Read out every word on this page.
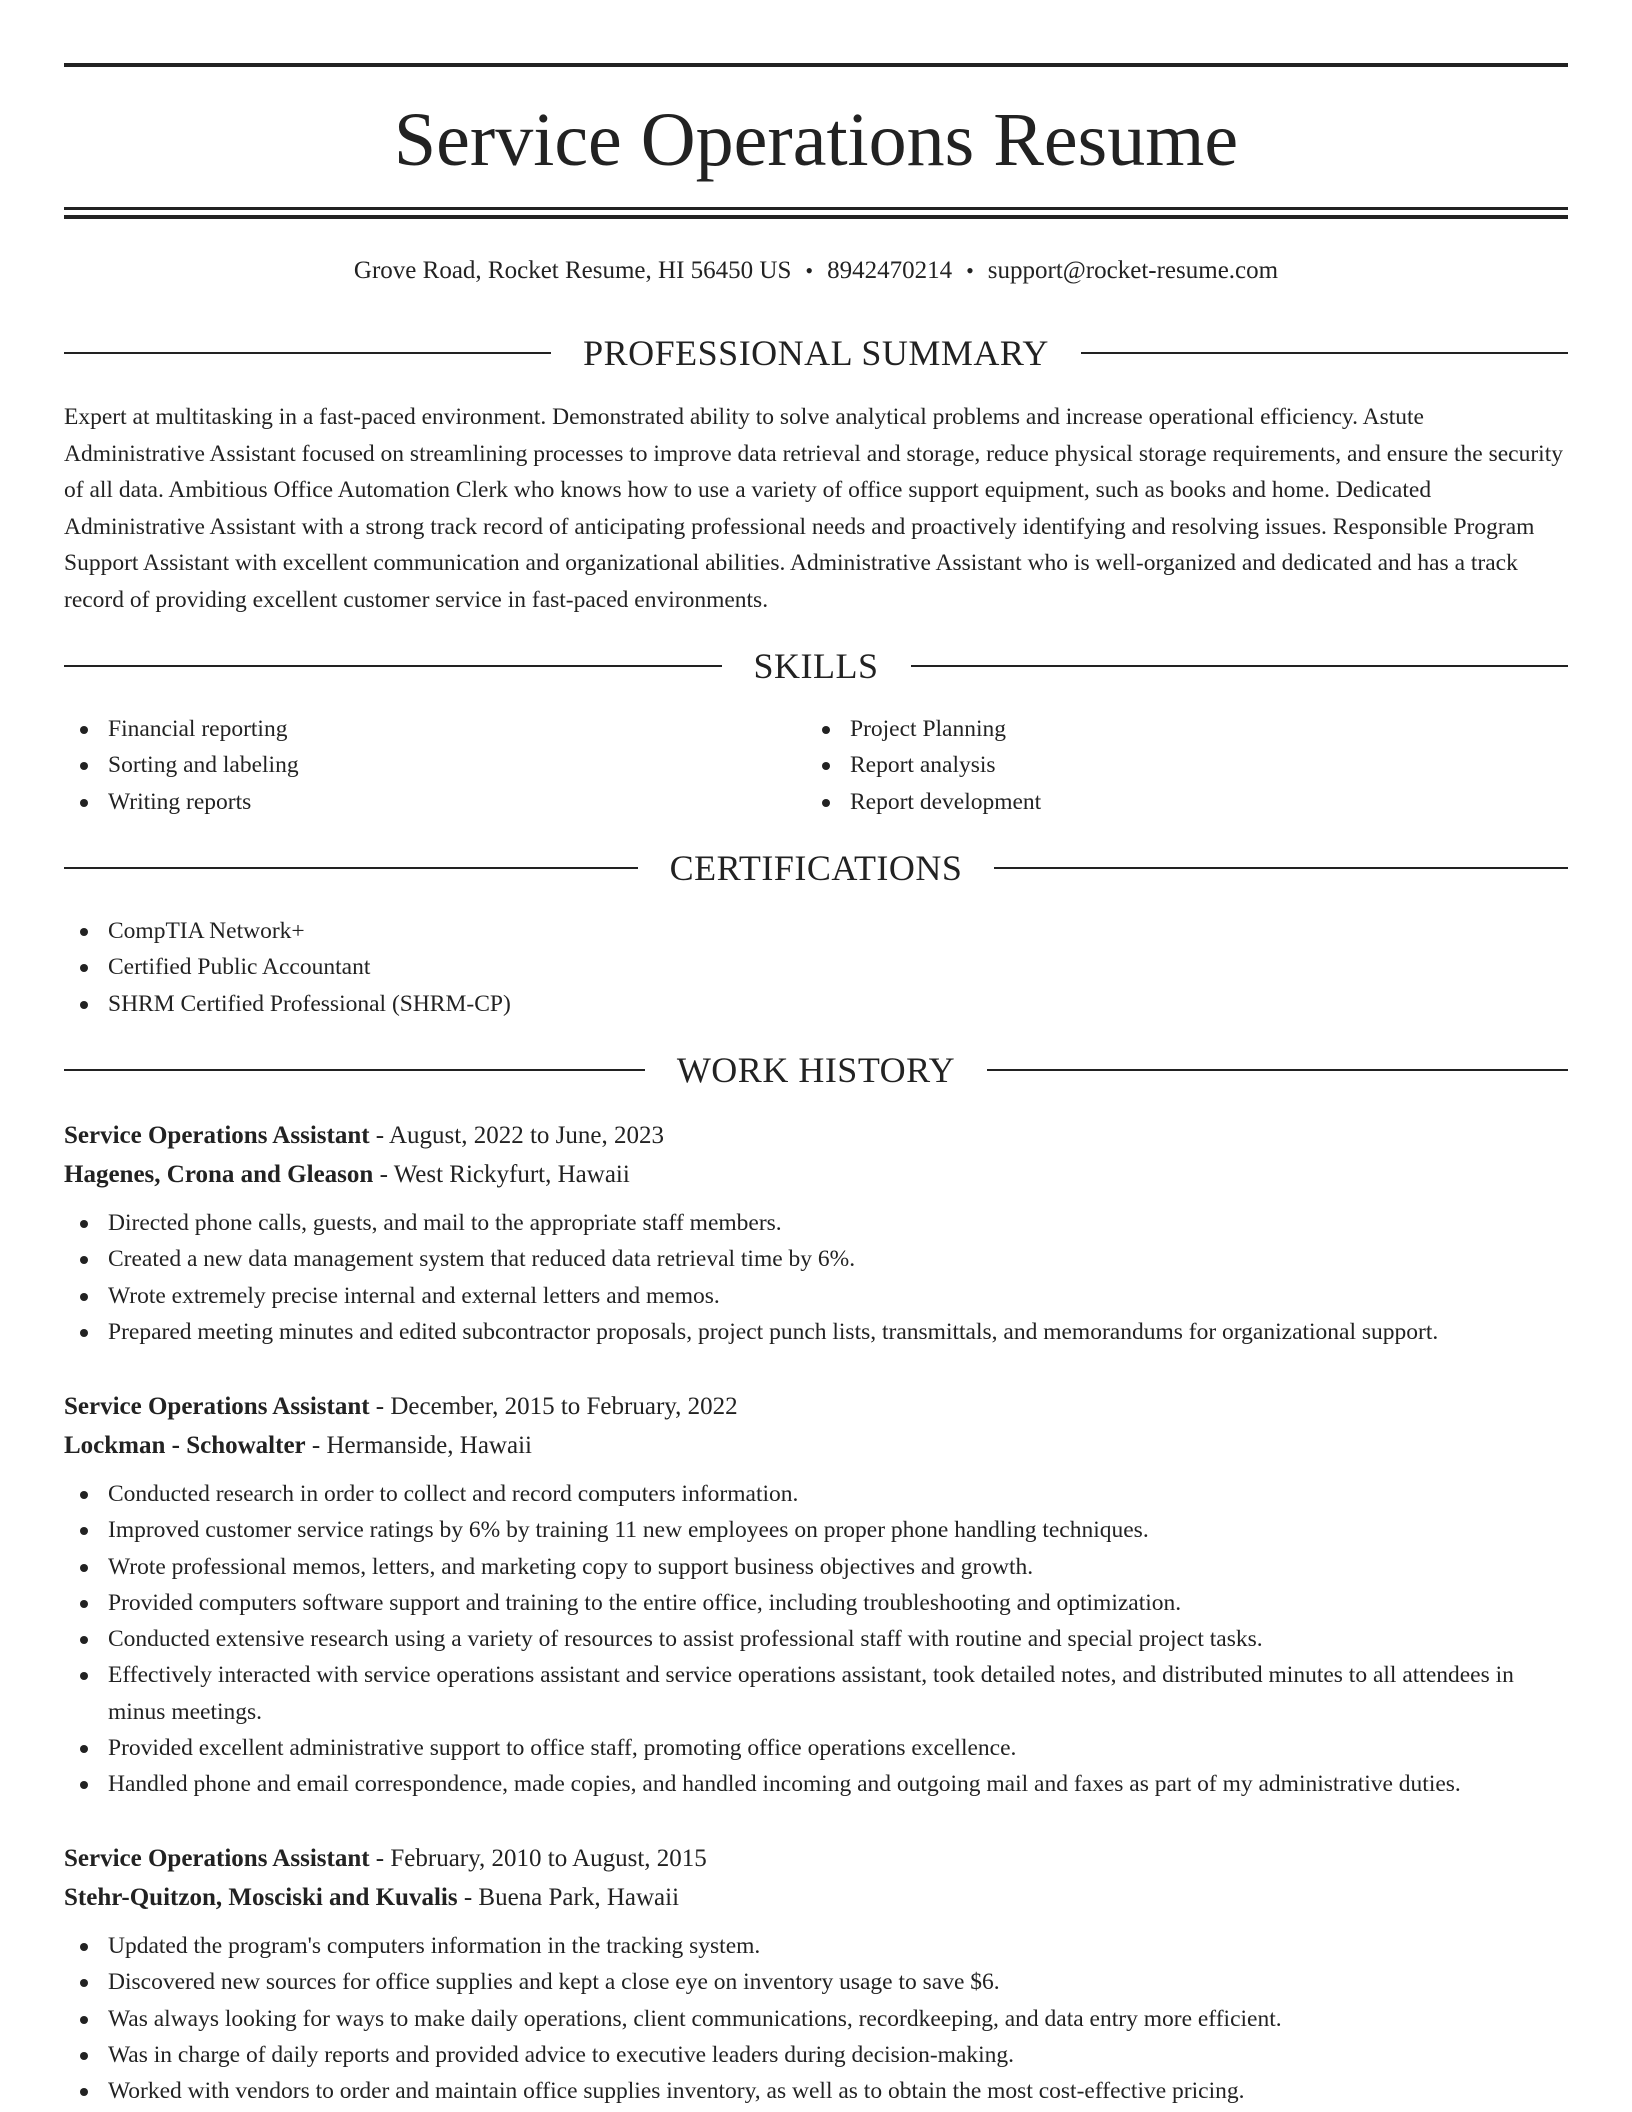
Service Operations Resume
Grove Road, Rocket Resume, HI 56450 US • 8942470214 • support@rocket-resume.com
PROFESSIONAL SUMMARY

Expert at multitasking in a fast-paced environment. Demonstrated ability to solve analytical problems and increase operational efficiency. Astute Administrative Assistant focused on streamlining processes to improve data retrieval and storage, reduce physical storage requirements, and ensure the security of all data. Ambitious Office Automation Clerk who knows how to use a variety of office support equipment, such as books and home. Dedicated Administrative Assistant with a strong track record of anticipating professional needs and proactively identifying and resolving issues. Responsible Program Support Assistant with excellent communication and organizational abilities. Administrative Assistant who is well-organized and dedicated and has a track record of providing excellent customer service in fast-paced environments.

SKILLS
Financial reporting
Sorting and labeling
Writing reports
Project Planning
Report analysis
Report development
CERTIFICATIONS
CompTIA Network+
Certified Public Accountant
SHRM Certified Professional (SHRM-CP)
WORK HISTORY
Service Operations Assistant - August, 2022 to June, 2023
Hagenes, Crona and Gleason - West Rickyfurt, Hawaii
Directed phone calls, guests, and mail to the appropriate staff members.
Created a new data management system that reduced data retrieval time by 6%.
Wrote extremely precise internal and external letters and memos.
Prepared meeting minutes and edited subcontractor proposals, project punch lists, transmittals, and memorandums for organizational support.
Service Operations Assistant - December, 2015 to February, 2022
Lockman - Schowalter - Hermanside, Hawaii
Conducted research in order to collect and record computers information.
Improved customer service ratings by 6% by training 11 new employees on proper phone handling techniques.
Wrote professional memos, letters, and marketing copy to support business objectives and growth.
Provided computers software support and training to the entire office, including troubleshooting and optimization.
Conducted extensive research using a variety of resources to assist professional staff with routine and special project tasks.
Effectively interacted with service operations assistant and service operations assistant, took detailed notes, and distributed minutes to all attendees in minus meetings.
Provided excellent administrative support to office staff, promoting office operations excellence.
Handled phone and email correspondence, made copies, and handled incoming and outgoing mail and faxes as part of my administrative duties.
Service Operations Assistant - February, 2010 to August, 2015
Stehr-Quitzon, Mosciski and Kuvalis - Buena Park, Hawaii
Updated the program's computers information in the tracking system.
Discovered new sources for office supplies and kept a close eye on inventory usage to save $6.
Was always looking for ways to make daily operations, client communications, recordkeeping, and data entry more efficient.
Was in charge of daily reports and provided advice to executive leaders during decision-making.
Worked with vendors to order and maintain office supplies inventory, as well as to obtain the most cost-effective pricing.
